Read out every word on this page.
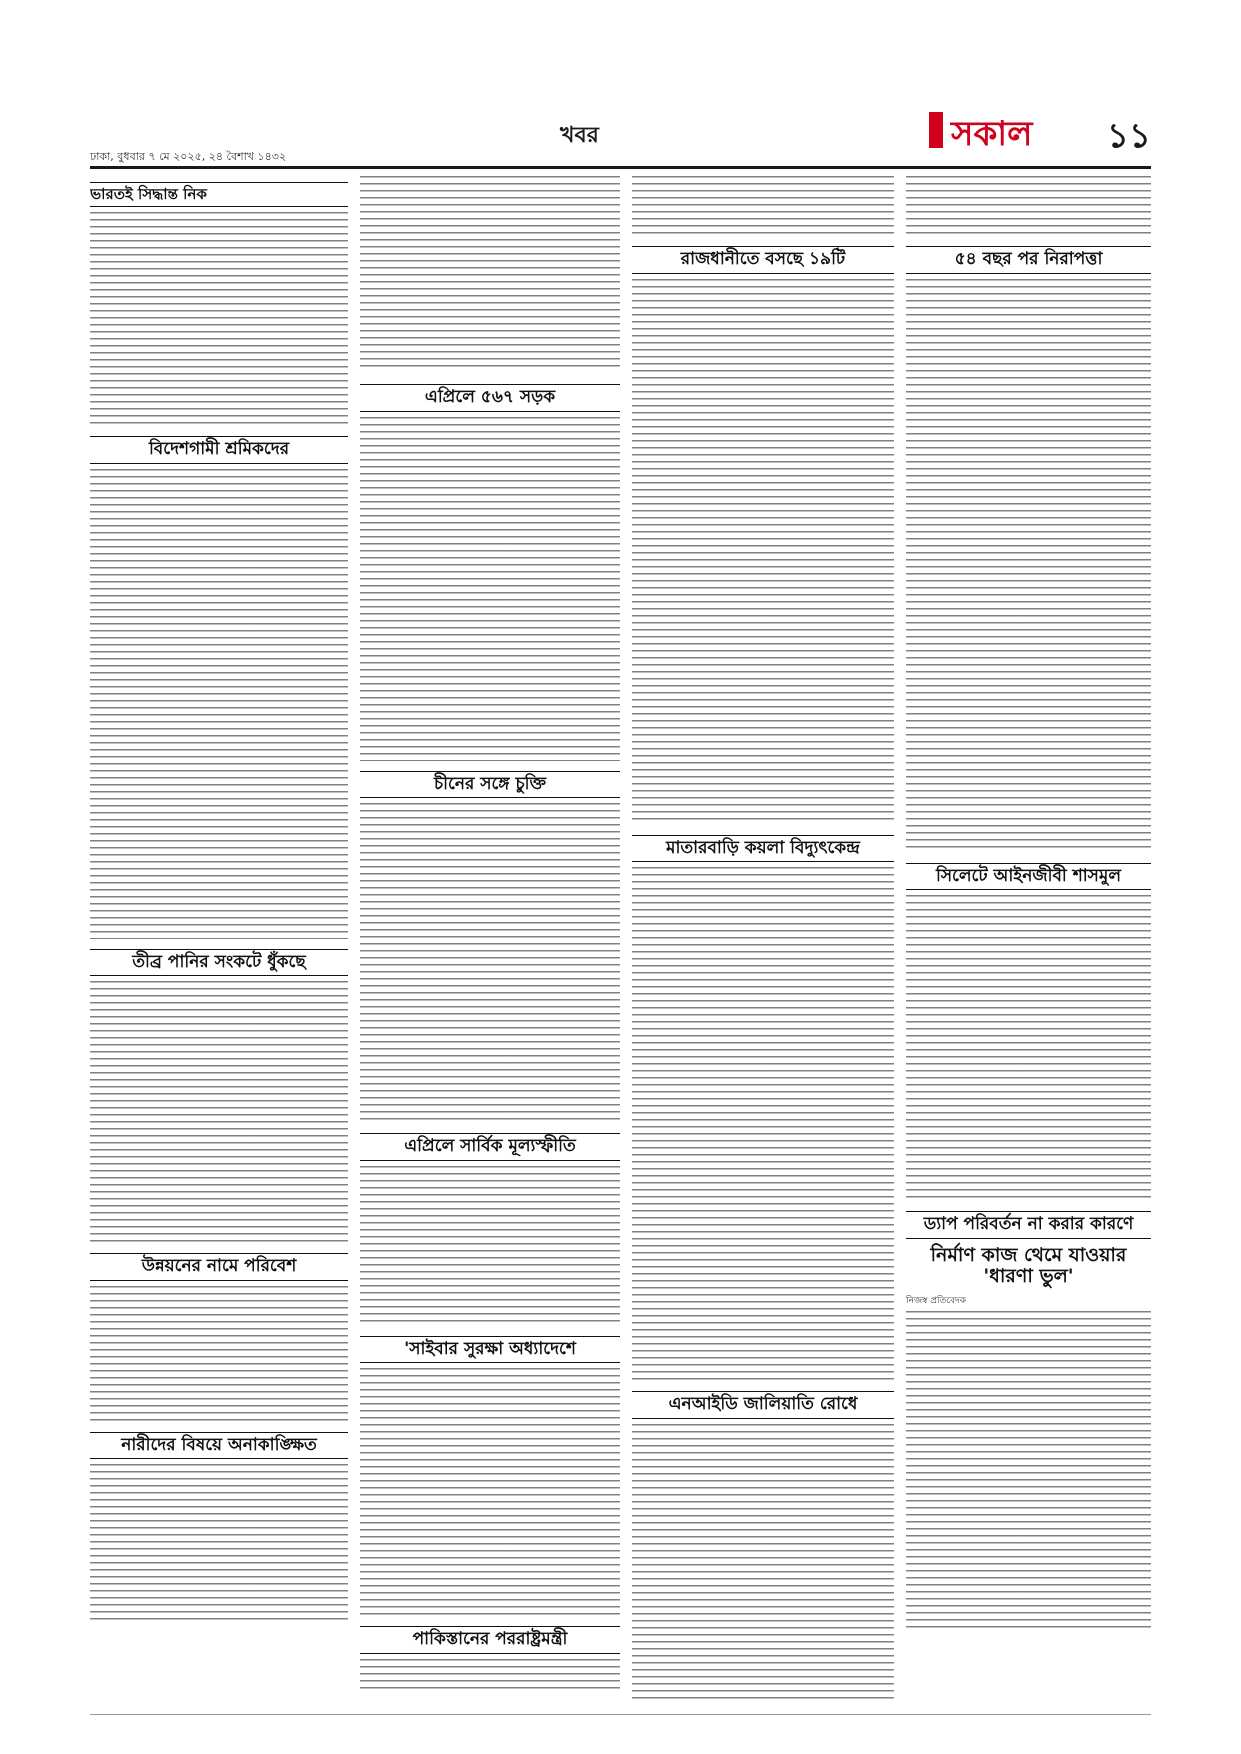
ঢাকা, বুধবার ৭ মে ২০২৫, ২৪ বৈশাখ ১৪৩২
খবর	সকাল ১১
ভারতই সিদ্ধান্ত নিক
বিদেশগামী শ্রমিকদের
তীব্র পানির সংকটে ধুঁকছে
উন্নয়নের নামে পরিবেশ
নারীদের বিষয়ে অনাকাঙ্ক্ষিত
এপ্রিলে ৫৬৭ সড়ক
চীনের সঙ্গে চুক্তি
এপ্রিলে সার্বিক মূল্যস্ফীতি
'সাইবার সুরক্ষা অধ্যাদেশে
পাকিস্তানের পররাষ্ট্রমন্ত্রী
রাজধানীতে বসছে ১৯টি
মাতারবাড়ি কয়লা বিদ্যুৎকেন্দ্র
এনআইডি জালিয়াতি রোধে
৫৪ বছর পর নিরাপত্তা
সিলেটে আইনজীবী শাসমুল
ড্যাপ পরিবর্তন না করার কারণে
নির্মাণ কাজ থেমে যাওয়ার 'ধারণা ভুল'
নিজস্ব প্রতিবেদক
